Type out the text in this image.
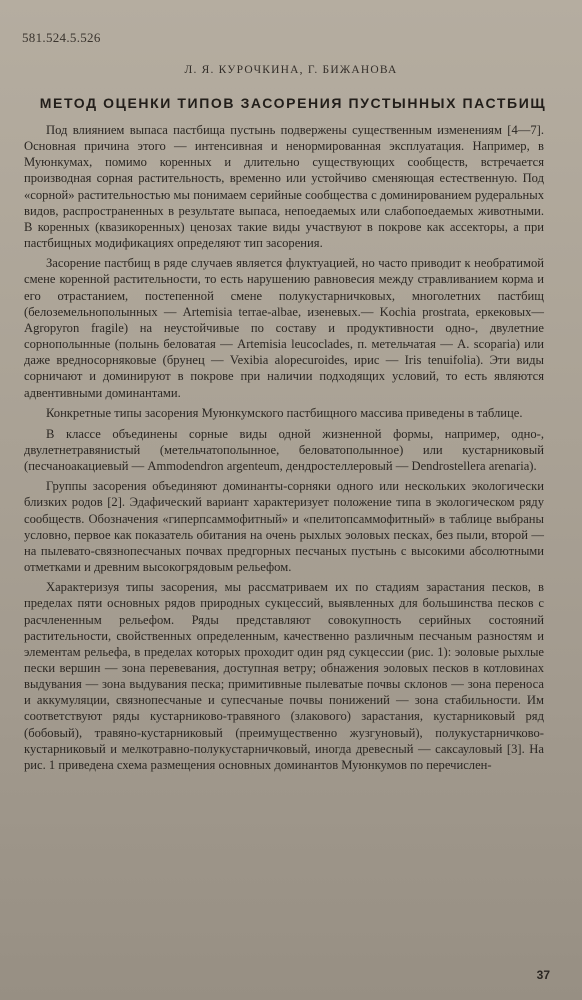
581.524.5.526
Л. Я. КУРОЧКИНА, Г. БИЖАНОВА
МЕТОД ОЦЕНКИ ТИПОВ ЗАСОРЕНИЯ ПУСТЫННЫХ ПАСТБИЩ

Под влиянием выпаса пастбища пустынь подвержены существенным изменениям [4—7]. Основная причина этого — интенсивная и ненормированная эксплуатация. Например, в Муюнкумах, помимо коренных и длительно существующих сообществ, встречается производная сорная растительность, временно или устойчиво сменяющая естественную. Под «сорной» растительностью мы понимаем серийные сообщества с доминированием рудеральных видов, распространенных в результате выпаса, непоедаемых или слабопоедаемых животными. В коренных (квазикоренных) ценозах такие виды участвуют в покрове как ассекторы, а при пастбищных модификациях определяют тип засорения.

Засорение пастбищ в ряде случаев является флуктуацией, но часто приводит к необратимой смене коренной растительности, то есть нарушению равновесия между стравливанием корма и его отрастанием, постепенной смене полукустарничковых, многолетних пастбищ (белоземельнополынных — Artemisia terrae-albae, изеневых.— Kochia prostrata, еркековых—Agropyron fragile) на неустойчивые по составу и продуктивности одно-, двулетние сорнополынные (полынь беловатая — Artemisia leucoclades, п. метельчатая — A. scoparia) или даже вредносорняковые (брунец — Vexibia alopecuroides, ирис — Iris tenuifolia). Эти виды сорничают и доминируют в покрове при наличии подходящих условий, то есть являются адвентивными доминантами.

Конкретные типы засорения Муюнкумского пастбищного массива приведены в таблице.

В классе объединены сорные виды одной жизненной формы, например, одно-, двулетнетравянистый (метельчатополынное, беловатополынное) или кустарниковый (песчаноакациевый — Ammodendron argenteum, дендростеллеровый — Dendrostellera arenaria).

Группы засорения объединяют доминанты-сорняки одного или нескольких экологически близких родов [2]. Эдафический вариант характеризует положение типа в экологическом ряду сообществ. Обозначения «гиперпсаммофитный» и «пелитопсаммофитный» в таблице выбраны условно, первое как показатель обитания на очень рыхлых эоловых песках, без пыли, второй — на пылевато-связнопесчаных почвах предгорных песчаных пустынь с высокими абсолютными отметками и древним высокогрядовым рельефом.

Характеризуя типы засорения, мы рассматриваем их по стадиям зарастания песков, в пределах пяти основных рядов природных сукцессий, выявленных для большинства песков с расчлененным рельефом. Ряды представляют совокупность серийных состояний растительности, свойственных определенным, качественно различным песчаным разностям и элементам рельефа, в пределах которых проходит один ряд сукцессии (рис. 1): эоловые рыхлые пески вершин — зона перевевания, доступная ветру; обнажения эоловых песков в котловинах выдувания — зона выдувания песка; примитивные пылеватые почвы склонов — зона переноса и аккумуляции, связнопесчаные и супесчаные почвы понижений — зона стабильности. Им соответствуют ряды кустарниково-травяного (злакового) зарастания, кустарниковый ряд (бобовый), травяно-кустарниковый (преимущественно жузгуновый), полукустарничково-кустарниковый и мелкотравно-полукустарничковый, иногда древесный — саксауловый [3]. На рис. 1 приведена схема размещения основных доминантов Муюнкумов по перечислен-

37
